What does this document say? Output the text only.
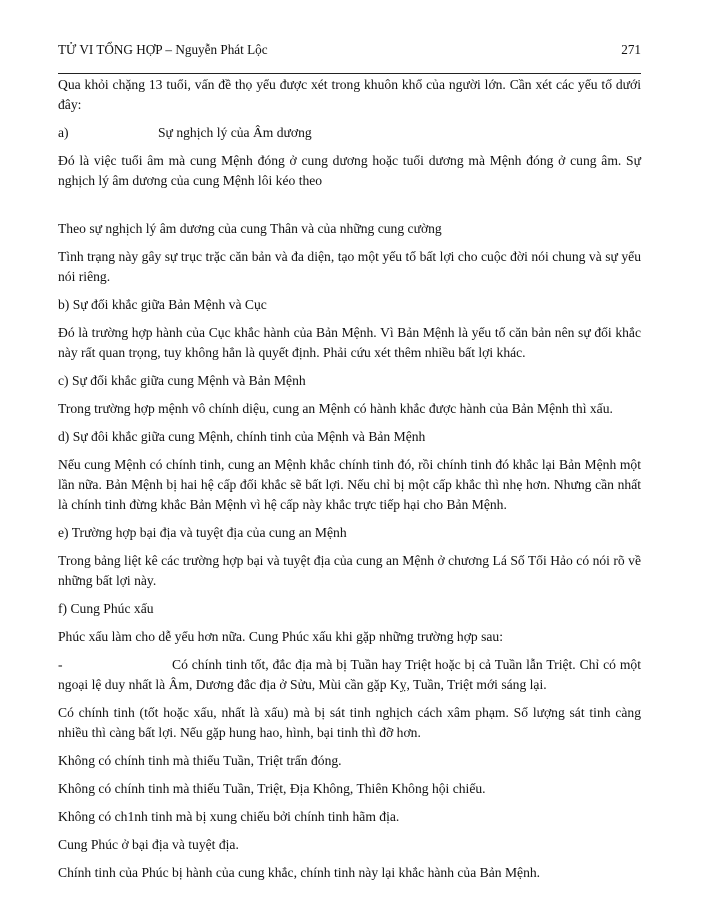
TỬ VI TỔNG HỢP – Nguyễn Phát Lộc	271

Qua khỏi chặng 13 tuổi, vấn đề thọ yểu được xét trong khuôn khổ của người lớn. Cần xét các yếu tố dưới đây:

a)	Sự nghịch lý của Âm dương

Đó là việc tuổi âm mà cung Mệnh đóng ở cung dương hoặc tuổi dương mà Mệnh đóng ở cung âm. Sự nghịch lý âm dương của cung Mệnh lôi kéo theo

Theo sự nghịch lý âm dương của cung Thân và của những cung cường

Tình trạng này gây sự trục trặc căn bản và đa diện, tạo một yếu tố bất lợi cho cuộc đời nói chung và sự yểu nói riêng.

b) Sự đối khắc giữa Bản Mệnh và Cục

Đó là trường hợp hành của Cục khắc hành của Bản Mệnh. Vì Bản Mệnh là yếu tố căn bản nên sự đối khắc này rất quan trọng, tuy không hẳn là quyết định. Phải cứu xét thêm nhiều bất lợi khác.

c) Sự đối khắc giữa cung Mệnh và Bản Mệnh

Trong trường hợp mệnh vô chính diệu, cung an Mệnh có hành khắc được hành của Bản Mệnh thì xấu.

d) Sự đôi khắc giữa cung Mệnh, chính tinh của Mệnh và Bản Mệnh

Nếu cung Mệnh có chính tinh, cung an Mệnh khắc chính tinh đó, rồi chính tinh đó khắc lại Bản Mệnh một lần nữa. Bản Mệnh bị hai hệ cấp đối khắc sẽ bất lợi. Nếu chỉ bị một cấp khắc thì nhẹ hơn. Nhưng cần nhất là chính tinh đừng khắc Bản Mệnh vì hệ cấp này khắc trực tiếp hại cho Bản Mệnh.

e) Trường hợp bại địa và tuyệt địa của cung an Mệnh

Trong bảng liệt kê các trường hợp bại và tuyệt địa của cung an Mệnh ở chương Lá Số Tối Hảo có nói rõ về những bất lợi này.

f) Cung Phúc xấu

Phúc xấu làm cho dễ yểu hơn nữa. Cung Phúc xấu khi gặp những trường hợp sau:

-	Có chính tinh tốt, đắc địa mà bị Tuần hay Triệt hoặc bị cả Tuần lẫn Triệt. Chỉ có một ngoại lệ duy nhất là Âm, Dương đắc địa ở Sửu, Mùi cần gặp Kỵ, Tuần, Triệt mới sáng lại.

Có chính tinh (tốt hoặc xấu, nhất là xấu) mà bị sát tinh nghịch cách xâm phạm. Số lượng sát tinh càng nhiều thì càng bất lợi. Nếu gặp hung hao, hình, bại tinh thì đỡ hơn.

Không có chính tinh mà thiếu Tuần, Triệt trấn đóng.

Không có chính tinh mà thiếu Tuần, Triệt, Địa Không, Thiên Không hội chiếu.

Không có ch1nh tinh mà bị xung chiếu bởi chính tinh hãm địa.

Cung Phúc ở bại địa và tuyệt địa.

Chính tinh của Phúc bị hành của cung khắc, chính tinh này lại khắc hành của Bản Mệnh.
